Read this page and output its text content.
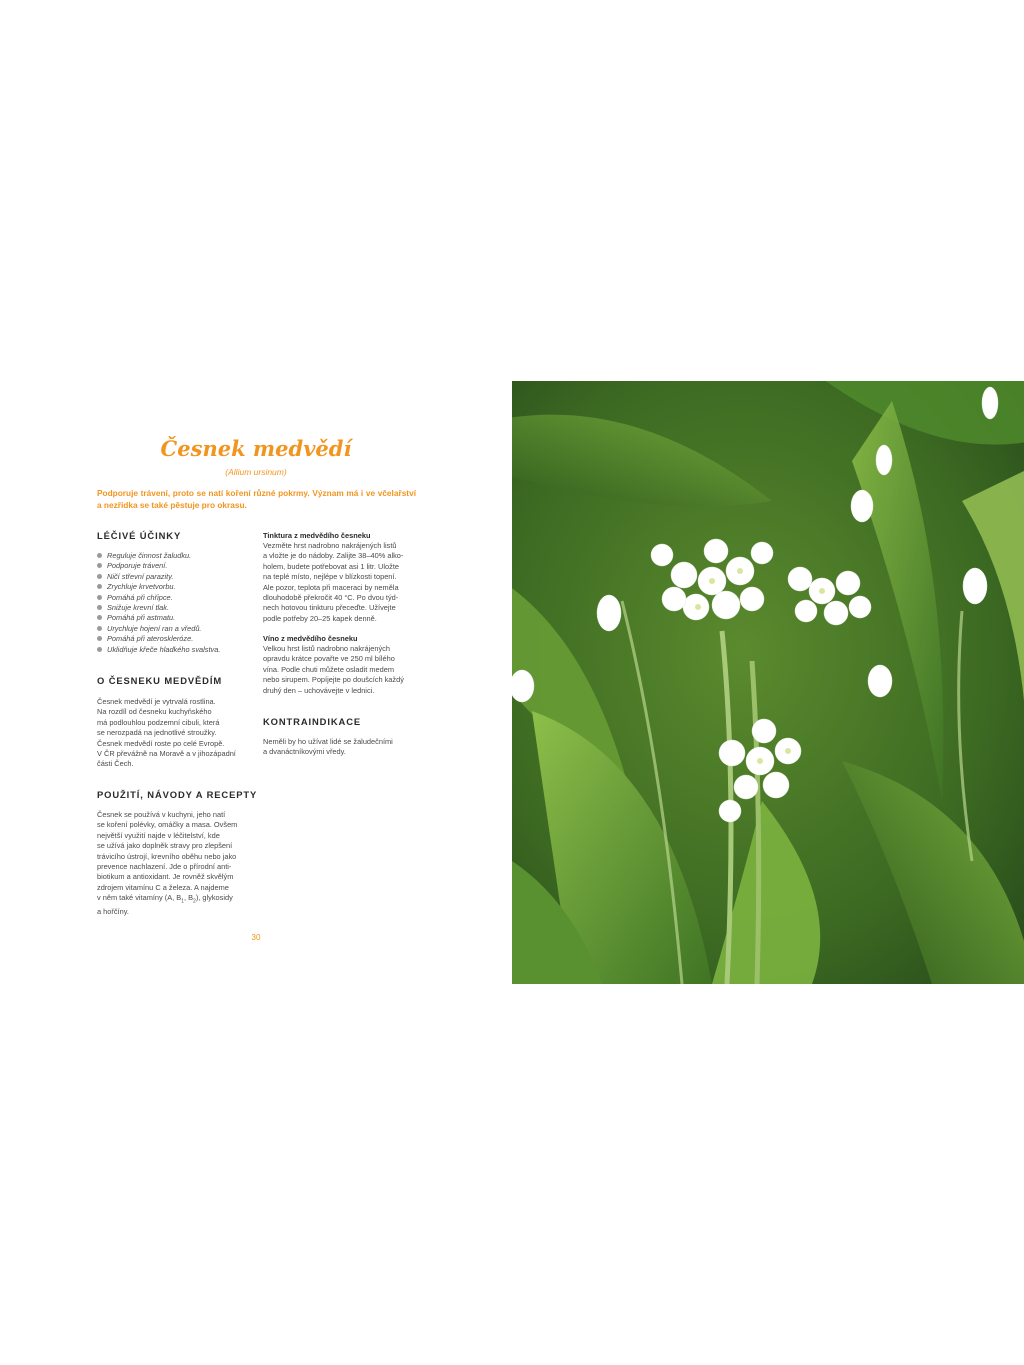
Česnek medvědí
(Allium ursinum)
Podporuje trávení, proto se natí koření různé pokrmy. Význam má i ve včelařství a nezřídka se také pěstuje pro okrasu.
LÉČIVÉ ÚČINKY
Reguluje činnost žaludku.
Podporuje trávení.
Ničí střevní parazity.
Zrychluje krvetvorbu.
Pomáhá při chřipce.
Snižuje krevní tlak.
Pomáhá při astmatu.
Urychluje hojení ran a vředů.
Pomáhá při ateroskleróze.
Uklidňuje křeče hladkého svalstva.
O ČESNEKU MEDVĚDÍM
Česnek medvědí je vytrvalá rostlina.
Na rozdíl od česneku kuchyňského
má podlouhlou podzemní cibuli, která
se nerozpadá na jednotlivé stroužky.
Česnek medvědí roste po celé Evropě.
V ČR převážně na Moravě a v jihozápadní
části Čech.
POUŽITÍ, NÁVODY A RECEPTY
Česnek se používá v kuchyni, jeho natí
se koření polévky, omáčky a masa. Ovšem
největší využití najde v léčitelství, kde
se užívá jako doplněk stravy pro zlepšení
trávicího ústrojí, krevního oběhu nebo jako
prevence nachlazení. Jde o přírodní anti-
biotikum a antioxidant. Je rovněž skvělým
zdrojem vitamínu C a železa. A najdeme
v něm také vitamíny (A, $B_1$, $B_2$), glykosidy
a hořčíny.
Tinktura z medvědího česneku
Vezměte hrst nadrobno nakrájených listů
a vložte je do nádoby. Zalijte 38–40% alko-
holem, budete potřebovat asi 1 litr. Uložte
na teplé místo, nejlépe v blízkosti topení.
Ale pozor, teplota při maceraci by neměla
dlouhodobě překročit 40 °C. Po dvou týd-
nech hotovou tinkturu přeceďte. Užívejte
podle potřeby 20–25 kapek denně.
Víno z medvědího česneku
Velkou hrst listů nadrobno nakrájených
opravdu krátce povařte ve 250 ml bílého
vína. Podle chuti můžete osladit medem
nebo sirupem. Popíjejte po doušcích každý
druhý den – uchovávejte v lednici.
KONTRAINDIKACE
Neměli by ho užívat lidé se žaludečními
a dvanáctníkovými vředy.
30
